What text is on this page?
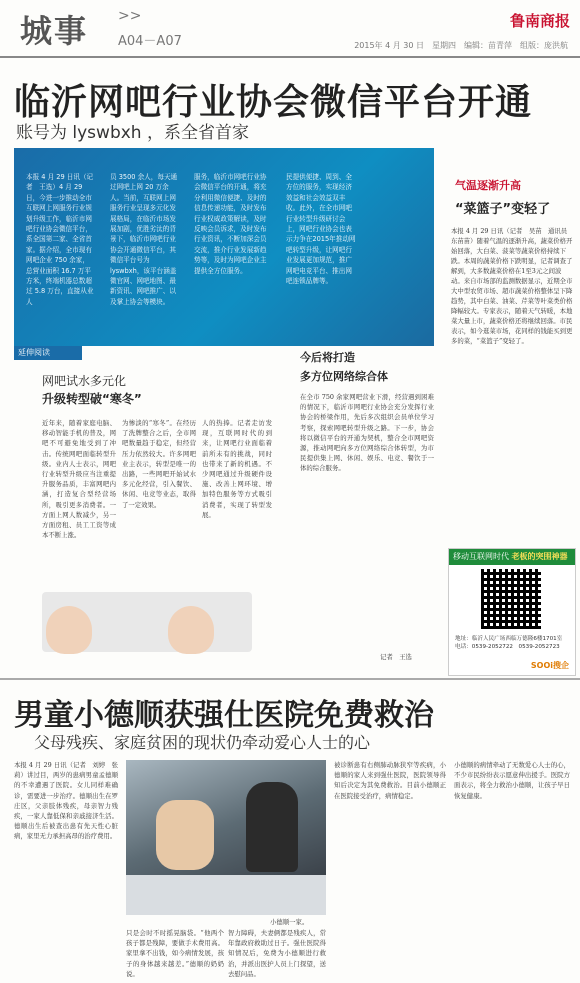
城事 >>
A04－A07
鲁南商报
2015年 4 月 30 日　星期四　编辑：苗青萍　组版：庞洪航
临沂网吧行业协会微信平台开通
账号为 lyswbxh ，系全省首家
本报 4 月 29 日讯（记者　王选）4 月 29 日，今进一步推动全市互联网上网服务行业规划升级工作，临沂市网吧行业协会微信平台，系全国第二家、全省首家。据介绍，全市现有网吧企业 750 余家，总营业面积 16.7 万平方米，终端机器总数超过 5.8 万台，直接从业人
员 3500 余人，每天通过网吧上网 20 万余人。当前，互联网上网服务行业呈现多元化发展格局，在临沂市场发展加剧，优胜劣汰的背景下，临沂市网吧行业协会开通微信平台，其微信平台号为 lyswbxh，该平台涵盖微官网、网吧地图、最新资讯、网吧推广、以及掌上协会等模块。
服务，临沂市网吧行业协会微信平台的开通，将充分利用微信便捷、及时的信息传递功能，及时发布行业权威政策解读，及时反映会员诉求，及时发布行业资讯，不断加深会员交流，推介行业发展新趋势等，及时为网吧企业主提供全方位服务。
民提供便捷、周到、全方位的服务，实现经济效益和社会效益双丰收。此外，在全市网吧行业转型升级研讨会上，网吧行业协会也表示力争在2015年推动网吧转型升级，让网吧行业发展更加规范，推广网吧电竞平台、推出网吧连锁品牌等。
气温逐渐升高
“菜篮子”变轻了
本报 4 月 29 日讯（记者　吴苗　通讯员　东苗苗）随着气温的逐渐升高，蔬菜价格开始回落，大白菜、菠菜等蔬菜价格持续下跌。本周的蔬菜价格下跌明显，记者调查了解到，大多数蔬菜价格在1至3元之间波动。来自市场部的监测数据显示，近期全市大中型农贸市场、超市蔬菜价格整体呈下降趋势，其中白菜、油菜、芹菜等叶菜类价格降幅较大。专家表示，随着天气转暖，本地菜大量上市，蔬菜价格还将继续回落。市民表示，如今逛菜市场，花同样的钱能买到更多的菜，“菜篮子”变轻了。
移动互联网时代 老板的突围神器
地址：临沂人民广场西临万德隆6楼1701室　电话：0539-2052722　0539-2052723
SOOi搜企
延伸阅读
网吧试水多元化
升级转型破“寒冬”
近年来，随着家庭电脑、移动智能手机的普及，网吧不可避免地受到了冲击。传统网吧面临转型升级。业内人士表示，网吧行业转型升级应当注重提升服务品质，丰富网吧内涵，打造复合型经营场所，吸引更多消费者。一方面上网人数减少，另一方面房租、员工工资等成本不断上涨。
为惨淡的“寒冬”。在经历了洗牌整合之后，全市网吧数量趋于稳定，但经营压力依然较大。许多网吧业主表示，转型是唯一的出路，一些网吧开始试水多元化经营，引入餐饮、休闲、电竞等业态，取得了一定效果。
人的热捧。记者走访发现，互联网时代的到来，让网吧行业面临着前所未有的挑战，同时也带来了新的机遇。不少网吧通过升级硬件设施、改善上网环境、增加特色服务等方式吸引消费者，实现了转型发展。
今后将打造
多方位网络综合体
在全市 750 余家网吧营业下滑，经营遇到困难的情况下，临沂市网吧行业协会充分发挥行业协会的桥梁作用，先后多次组织会员单位学习考察，探索网吧转型升级之路。下一步，协会将以微信平台的开通为契机，整合全市网吧资源，推动网吧向多方位网络综合体转型，为市民提供集上网、休闲、娱乐、电竞、餐饮于一体的综合服务。
记者　王选
男童小德顺获强仕医院免费救治
父母残疾、家庭贫困的现状仍牵动爱心人士的心
本报 4 月 29 日讯（记者　刘婷　张莉）讲过目，两岁的患病男童孟德顺的不幸遭遇了医院。女儿同样难确诊，需要进一步治疗。德顺出生在罗庄区，父亲肢体残疾，母亲智力残疾，一家人靠低保和亲戚接济生活。德顺出生后被查出患有先天性心脏病，家里无力承担高昂的治疗费用。
小德顺一家。
只是会时不时摇晃脑袋。“他两个孩子都是残障，要做手术费用高。家里拿不出钱，如今病情发展，孩子的身体越来越差。”德顺的奶奶说。
智力障碍，夫妻俩都是残疾人，常年靠政府救助过日子。强仕医院得知情况后，免费为小德顺进行救治，并派出医护人员上门探望，送去慰问品。
被诊断患有右侧肺动脉狭窄等疾病，小德顺的家人来到强仕医院，医院领导得知后决定为其免费救治。目前小德顺正在医院接受治疗，病情稳定。
小德顺的病情牵动了无数爱心人士的心，不少市民纷纷表示愿意伸出援手。医院方面表示，将全力救治小德顺，让孩子早日恢复健康。
